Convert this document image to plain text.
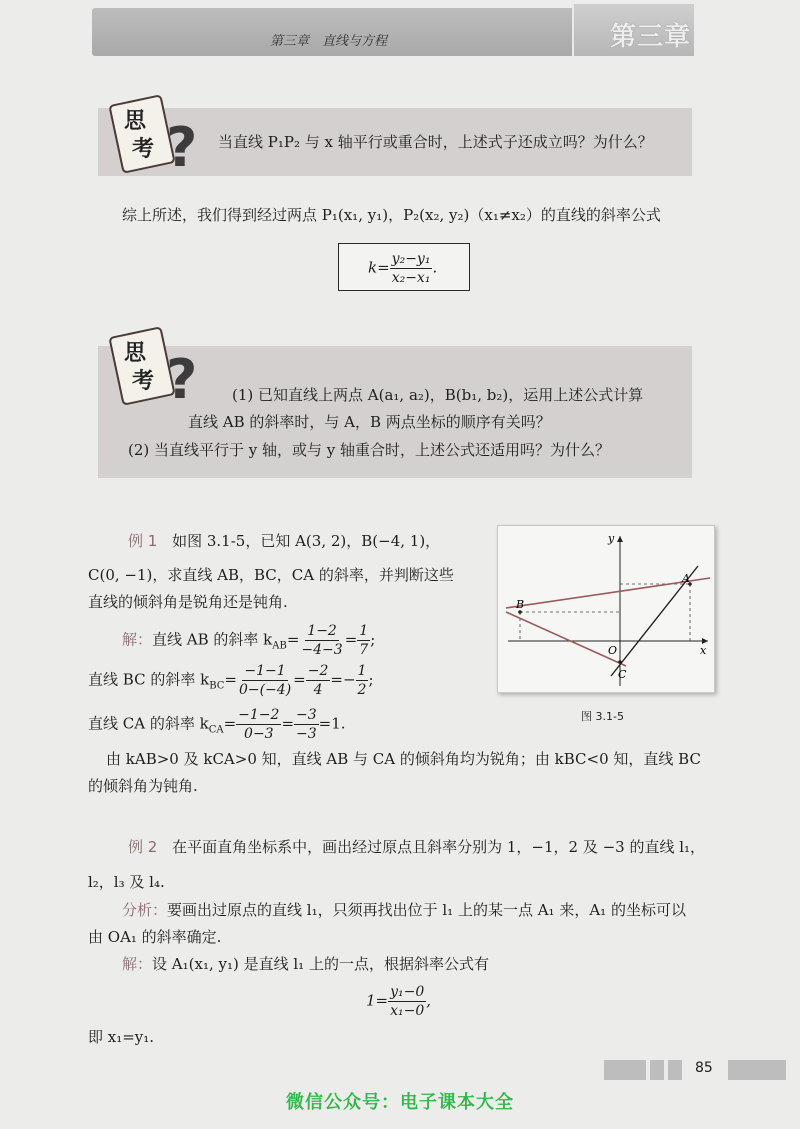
第三章　直线与方程	第三章
?
思
考	当直线 P₁P₂ 与 x 轴平行或重合时，上述式子还成立吗？为什么？
综上所述，我们得到经过两点 P₁(x₁, y₁)，P₂(x₂, y₂)（x₁≠x₂）的直线的斜率公式
$k= \frac{\text{y₂−y₁}}{\text{x₂−x₁}}$ .
?
思
考
(1) 已知直线上两点 A(a₁, a₂)，B(b₁, b₂)，运用上述公式计算
直线 AB 的斜率时，与 A，B 两点坐标的顺序有关吗？
(2) 当直线平行于 y 轴，或与 y 轴重合时，上述公式还适用吗？为什么？
例 1 如图 3.1-5，已知 A(3, 2)，B(−4, 1)，
C(0, −1)，求直线 AB，BC，CA 的斜率，并判断这些
直线的倾斜角是锐角还是钝角.
解：直线 AB 的斜率 $k_{AB}= \frac{1-2}{-4-3} = \frac{1}{7}$ ;
直线 BC 的斜率 $k_{BC}= \frac{-1-1}{0-(-4)} = \frac{-2}{4} =- \frac{1}{2}$ ;
直线 CA 的斜率 $k_{CA}= \frac{-1-2}{0-3} = \frac{-3}{-3} =1$.
由 kAB>0 及 kCA>0 知，直线 AB 与 CA 的倾斜角均为锐角；由 kBC<0 知，直线 BC
的倾斜角为钝角.
x
y
O
A
B
C
图 3.1-5
例 2 在平面直角坐标系中，画出经过原点且斜率分别为 1，−1，2 及 −3 的直线 l₁，
l₂，l₃ 及 l₄.
分析：要画出过原点的直线 l₁，只须再找出位于 l₁ 上的某一点 A₁ 来，A₁ 的坐标可以
由 OA₁ 的斜率确定.
解：设 A₁(x₁, y₁) 是直线 l₁ 上的一点，根据斜率公式有
$1= \frac{\text{y₁−0}}{\text{x₁−0}}$ ,
即 x₁=y₁.
85
微信公众号：电子课本大全
